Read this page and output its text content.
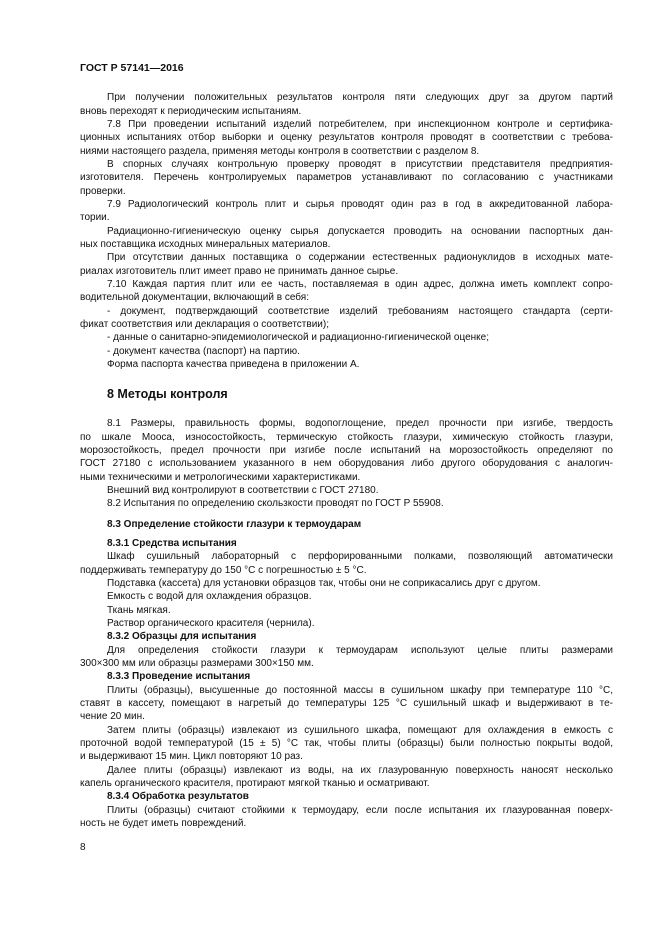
ГОСТ Р 57141—2016
При получении положительных результатов контроля пяти следующих друг за другом партий
вновь переходят к периодическим испытаниям.
7.8 При проведении испытаний изделий потребителем, при инспекционном контроле и сертифика-
ционных испытаниях отбор выборки и оценку результатов контроля проводят в соответствии с требова-
ниями настоящего раздела, применяя методы контроля в соответствии с разделом 8.
В спорных случаях контрольную проверку проводят в присутствии представителя предприятия-
изготовителя. Перечень контролируемых параметров устанавливают по согласованию с участниками
проверки.
7.9 Радиологический контроль плит и сырья проводят один раз в год в аккредитованной лабора-
тории.
Радиационно-гигиеническую оценку сырья допускается проводить на основании паспортных дан-
ных поставщика исходных минеральных материалов.
При отсутствии данных поставщика о содержании естественных радионуклидов в исходных мате-
риалах изготовитель плит имеет право не принимать данное сырье.
7.10 Каждая партия плит или ее часть, поставляемая в один адрес, должна иметь комплект сопро-
водительной документации, включающий в себя:
- документ, подтверждающий соответствие изделий требованиям настоящего стандарта (серти-
фикат соответствия или декларация о соответствии);
- данные о санитарно-эпидемиологической и радиационно-гигиенической оценке;
- документ качества (паспорт) на партию.
Форма паспорта качества приведена в приложении А.
8 Методы контроля
8.1 Размеры, правильность формы, водопоглощение, предел прочности при изгибе, твердость
по шкале Мооса, износостойкость, термическую стойкость глазури, химическую стойкость глазури,
морозостойкость, предел прочности при изгибе после испытаний на морозостойкость определяют по
ГОСТ 27180 с использованием указанного в нем оборудования либо другого оборудования с аналогич-
ными техническими и метрологическими характеристиками.
Внешний вид контролируют в соответствии с ГОСТ 27180.
8.2 Испытания по определению скользкости проводят по ГОСТ Р 55908.
8.3 Определение стойкости глазури к термоударам
8.3.1 Средства испытания
Шкаф сушильный лабораторный с перфорированными полками, позволяющий автоматически
поддерживать температуру до 150 °С с погрешностью ± 5 °С.
Подставка (кассета) для установки образцов так, чтобы они не соприкасались друг с другом.
Емкость с водой для охлаждения образцов.
Ткань мягкая.
Раствор органического красителя (чернила).
8.3.2 Образцы для испытания
Для определения стойкости глазури к термоударам используют целые плиты размерами
300×300 мм или образцы размерами 300×150 мм.
8.3.3 Проведение испытания
Плиты (образцы), высушенные до постоянной массы в сушильном шкафу при температуре 110 °С,
ставят в кассету, помещают в нагретый до температуры 125 °С сушильный шкаф и выдерживают в те-
чение 20 мин.
Затем плиты (образцы) извлекают из сушильного шкафа, помещают для охлаждения в емкость с
проточной водой температурой (15 ± 5) °С так, чтобы плиты (образцы) были полностью покрыты водой,
и выдерживают 15 мин. Цикл повторяют 10 раз.
Далее плиты (образцы) извлекают из воды, на их глазурованную поверхность наносят несколько
капель органического красителя, протирают мягкой тканью и осматривают.
8.3.4 Обработка результатов
Плиты (образцы) считают стойкими к термоудару, если после испытания их глазурованная поверх-
ность не будет иметь повреждений.
8
